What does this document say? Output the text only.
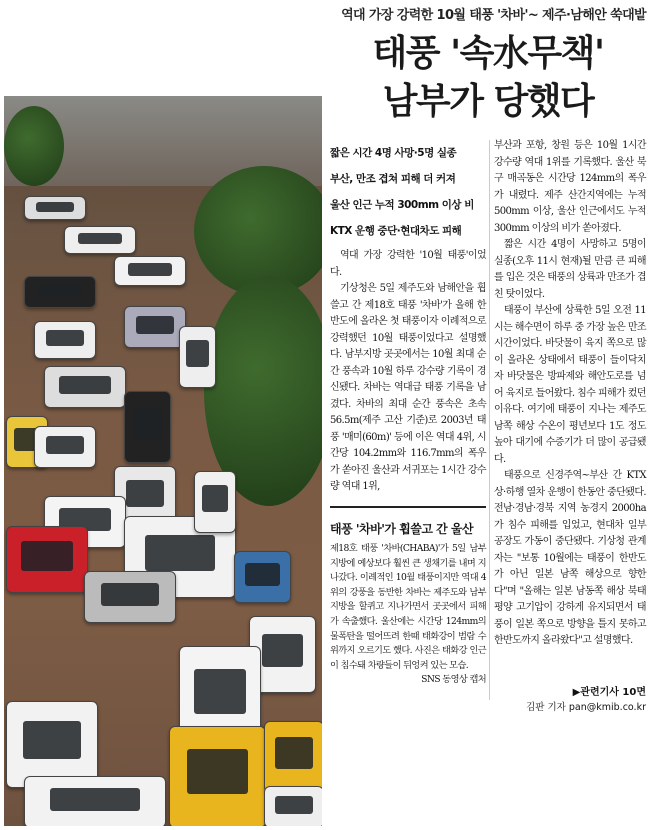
역대 가장 강력한 10월 태풍 '차바'~ 제주·남해안 쑥대밭
태풍 '속水무책'
남부가 당했다
짧은 시간 4명 사망·5명 실종
부산, 만조 겹쳐 피해 더 커져
울산 인근 누적 300mm 이상 비
KTX 운행 중단·현대차도 피해

역대 가장 강력한 '10월 태풍'이었다.

기상청은 5일 제주도와 남해안을 휩쓸고 간 제18호 태풍 '차바'가 올해 한반도에 올라온 첫 태풍이자 이례적으로 강력했던 10월 태풍이었다고 설명했다. 남부지방 곳곳에서는 10월 최대 순간 풍속과 10월 하루 강수량 기록이 경신됐다. 차바는 역대급 태풍 기록을 남겼다. 차바의 최대 순간 풍속은 초속 56.5m(제주 고산 기준)로 2003년 태풍 '매미(60m)' 등에 이은 역대 4위, 시간당 104.2mm와 116.7mm의 폭우가 쏟아진 울산과 서귀포는 1시간 강수량 역대 1위,

태풍 '차바'가 휩쓸고 간 울산
제18호 태풍 '차바(CHABA)'가 5일 남부지방에 예상보다 훨씬 큰 생채기를 내며 지나갔다. 이례적인 10월 태풍이지만 역대 4위의 강풍을 동반한 차바는 제주도와 남부지방을 할퀴고 지나가면서 곳곳에서 피해가 속출했다. 울산에는 시간당 124mm의 물폭탄을 떨어뜨려 한때 태화강이 범람 수위까지 오르기도 했다. 사진은 태화강 인근이 침수돼 차량들이 뒤엉켜 있는 모습.
SNS 동영상 캡처

부산과 포항, 창원 등은 10월 1시간 강수량 역대 1위를 기록했다. 울산 북구 매곡동은 시간당 124mm의 폭우가 내렸다. 제주 산간지역에는 누적 500mm 이상, 울산 인근에서도 누적 300mm 이상의 비가 쏟아졌다.

짧은 시간 4명이 사망하고 5명이 실종(오후 11시 현재)될 만큼 큰 피해를 입은 것은 태풍의 상륙과 만조가 겹친 탓이었다.

태풍이 부산에 상륙한 5일 오전 11시는 해수면이 하루 중 가장 높은 만조 시간이었다. 바닷물이 육지 쪽으로 많이 올라온 상태에서 태풍이 들이닥치자 바닷물은 방파제와 해안도로를 넘어 육지로 들어왔다. 침수 피해가 컸던 이유다. 여기에 태풍이 지나는 제주도 남쪽 해상 수온이 평년보다 1도 정도 높아 대기에 수증기가 더 많이 공급됐다.

태풍으로 신경주역~부산 간 KTX 상·하행 열차 운행이 한동안 중단됐다. 전남·경남·경북 지역 농경지 2000ha가 침수 피해를 입었고, 현대차 일부 공장도 가동이 중단됐다. 기상청 관계자는 "보통 10월에는 태풍이 한반도가 아닌 일본 남쪽 해상으로 향한다"며 "올해는 일본 남동쪽 해상 북태평양 고기압이 강하게 유지되면서 태풍이 일본 쪽으로 방향을 틀지 못하고 한반도까지 올라왔다"고 설명했다.

▶관련기사 10면
김판 기자 pan@kmib.co.kr
